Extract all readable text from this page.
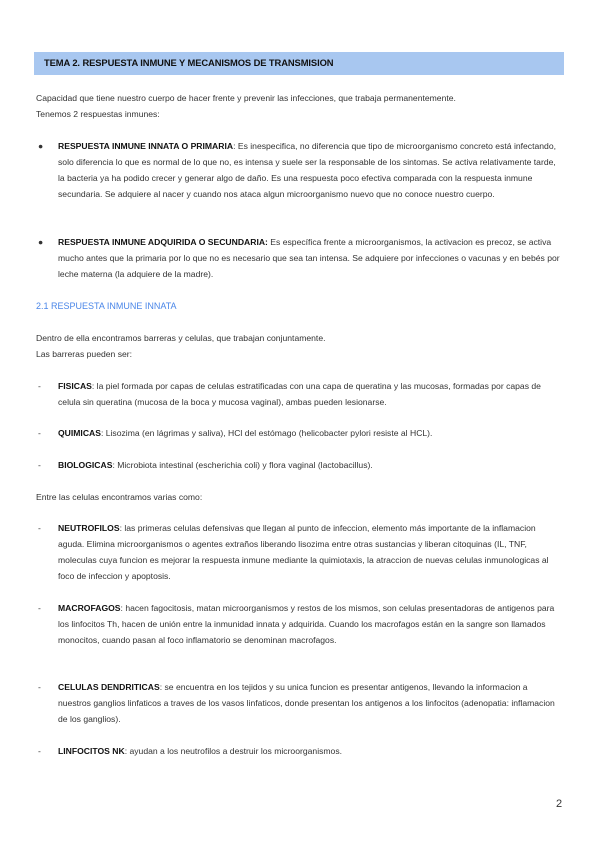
TEMA 2. RESPUESTA INMUNE Y MECANISMOS DE TRANSMISION
Capacidad que tiene nuestro cuerpo de hacer frente y prevenir las infecciones, que trabaja permanentemente.
Tenemos 2 respuestas inmunes:
● RESPUESTA INMUNE INNATA O PRIMARIA: Es inespecifica, no diferencia que tipo de microorganismo concreto está infectando, solo diferencia lo que es normal de lo que no, es intensa y suele ser la responsable de los sintomas. Se activa relativamente tarde, la bacteria ya ha podido crecer y generar algo de daño. Es una respuesta poco efectiva comparada con la respuesta inmune secundaria. Se adquiere al nacer y cuando nos ataca algun microorganismo nuevo que no conoce nuestro cuerpo.
● RESPUESTA INMUNE ADQUIRIDA O SECUNDARIA: Es específica frente a microorganismos, la activacion es precoz, se activa mucho antes que la primaria por lo que no es necesario que sea tan intensa. Se adquiere por infecciones o vacunas y en bebés por leche materna (la adquiere de la madre).
2.1 RESPUESTA INMUNE INNATA
Dentro de ella encontramos barreras y celulas, que trabajan conjuntamente.
Las barreras pueden ser:
- FISICAS: la piel formada por capas de celulas estratificadas con una capa de queratina y las mucosas, formadas por capas de celula sin queratina (mucosa de la boca y mucosa vaginal), ambas pueden lesionarse.
- QUIMICAS: Lisozima (en lágrimas y saliva), HCl del estómago (helicobacter pylori resiste al HCL).
- BIOLOGICAS: Microbiota intestinal (escherichia coli) y flora vaginal (lactobacillus).
Entre las celulas encontramos varias como:
- NEUTROFILOS: las primeras celulas defensivas que llegan al punto de infeccion, elemento más importante de la inflamacion aguda. Elimina microorganismos o agentes extraños liberando lisozima entre otras sustancias y liberan citoquinas (IL, TNF, moleculas cuya funcion es mejorar la respuesta inmune mediante la quimiotaxis, la atraccion de nuevas celulas inmunologicas al foco de infeccion y apoptosis.
- MACROFAGOS: hacen fagocitosis, matan microorganismos y restos de los mismos, son celulas presentadoras de antigenos para los linfocitos Th, hacen de unión entre la inmunidad innata y adquirida. Cuando los macrofagos están en la sangre son llamados monocitos, cuando pasan al foco inflamatorio se denominan macrofagos.
- CELULAS DENDRITICAS: se encuentra en los tejidos y su unica funcion es presentar antigenos, llevando la informacion a nuestros ganglios linfaticos a traves de los vasos linfaticos, donde presentan los antigenos a los linfocitos (adenopatia: inflamacion de los ganglios).
- LINFOCITOS NK: ayudan a los neutrofilos a destruir los microorganismos.
2
